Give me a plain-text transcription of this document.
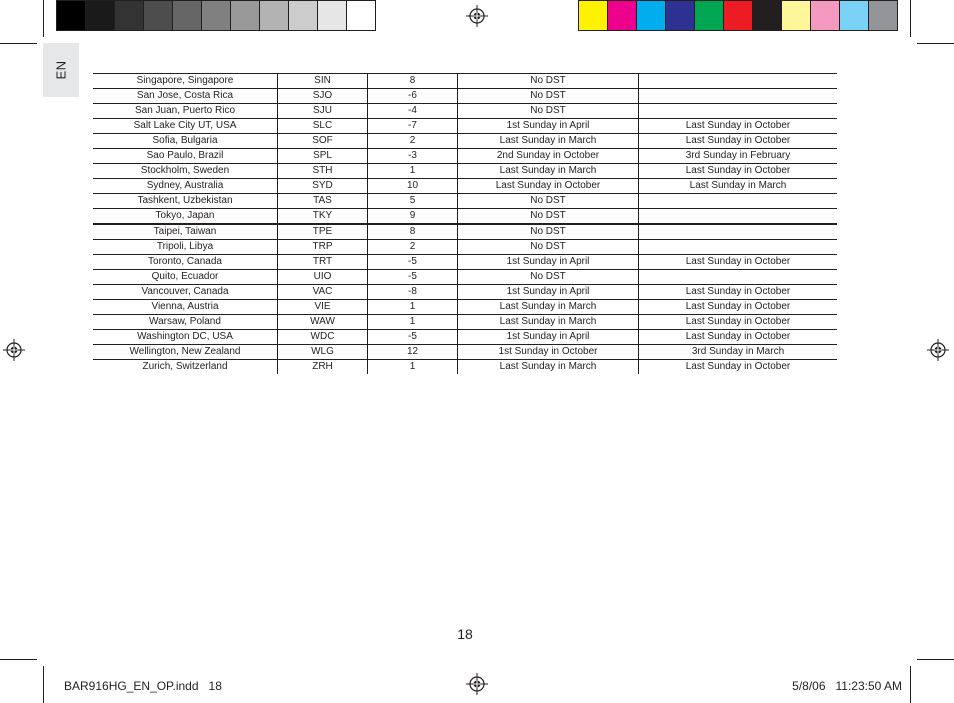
EN
Singapore, Singapore	SIN	8	No DST	
San Jose, Costa Rica	SJO	-6	No DST	
San Juan, Puerto Rico	SJU	-4	No DST	
Salt Lake City UT, USA	SLC	-7	1st Sunday in April	Last Sunday in October
Sofia, Bulgaria	SOF	2	Last Sunday in March	Last Sunday in October
Sao Paulo, Brazil	SPL	-3	2nd Sunday in October	3rd Sunday in February
Stockholm, Sweden	STH	1	Last Sunday in March	Last Sunday in October
Sydney, Australia	SYD	10	Last Sunday in October	Last Sunday in March
Tashkent, Uzbekistan	TAS	5	No DST	
Tokyo, Japan	TKY	9	No DST	
Taipei, Taiwan	TPE	8	No DST	
Tripoli, Libya	TRP	2	No DST	
Toronto, Canada	TRT	-5	1st Sunday in April	Last Sunday in October
Quito, Ecuador	UIO	-5	No DST	
Vancouver, Canada	VAC	-8	1st Sunday in April	Last Sunday in October
Vienna, Austria	VIE	1	Last Sunday in March	Last Sunday in October
Warsaw, Poland	WAW	1	Last Sunday in March	Last Sunday in October
Washington DC, USA	WDC	-5	1st Sunday in April	Last Sunday in October
Wellington, New Zealand	WLG	12	1st Sunday in October	3rd Sunday in March
Zurich, Switzerland	ZRH	1	Last Sunday in March	Last Sunday in October
18
BAR916HG_EN_OP.indd   18	5/8/06   11:23:50 AM
